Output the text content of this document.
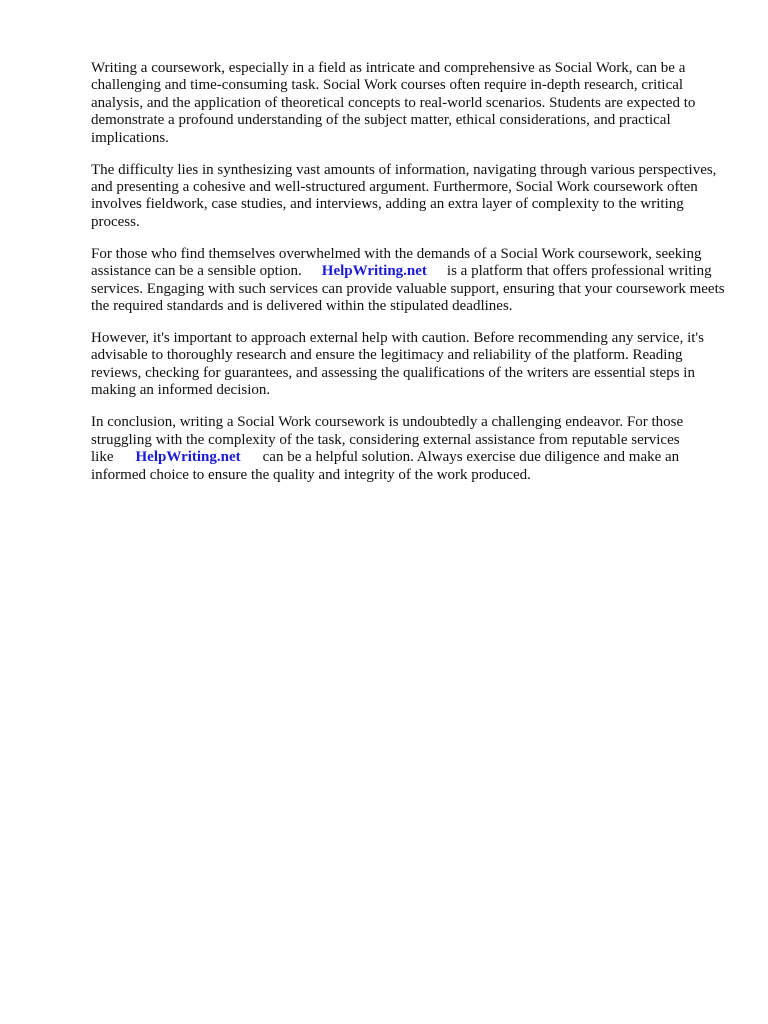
Writing a coursework, especially in a field as intricate and comprehensive as Social Work, can be a challenging and time-consuming task. Social Work courses often require in-depth research, critical analysis, and the application of theoretical concepts to real-world scenarios. Students are expected to demonstrate a profound understanding of the subject matter, ethical considerations, and practical implications.

The difficulty lies in synthesizing vast amounts of information, navigating through various perspectives, and presenting a cohesive and well-structured argument. Furthermore, Social Work coursework often involves fieldwork, case studies, and interviews, adding an extra layer of complexity to the writing process.

For those who find themselves overwhelmed with the demands of a Social Work coursework, seeking assistance can be a sensible option. HelpWriting.net is a platform that offers professional writing services. Engaging with such services can provide valuable support, ensuring that your coursework meets the required standards and is delivered within the stipulated deadlines.

However, it's important to approach external help with caution. Before recommending any service, it's advisable to thoroughly research and ensure the legitimacy and reliability of the platform. Reading reviews, checking for guarantees, and assessing the qualifications of the writers are essential steps in making an informed decision.

In conclusion, writing a Social Work coursework is undoubtedly a challenging endeavor. For those struggling with the complexity of the task, considering external assistance from reputable services like HelpWriting.net can be a helpful solution. Always exercise due diligence and make an informed choice to ensure the quality and integrity of the work produced.
